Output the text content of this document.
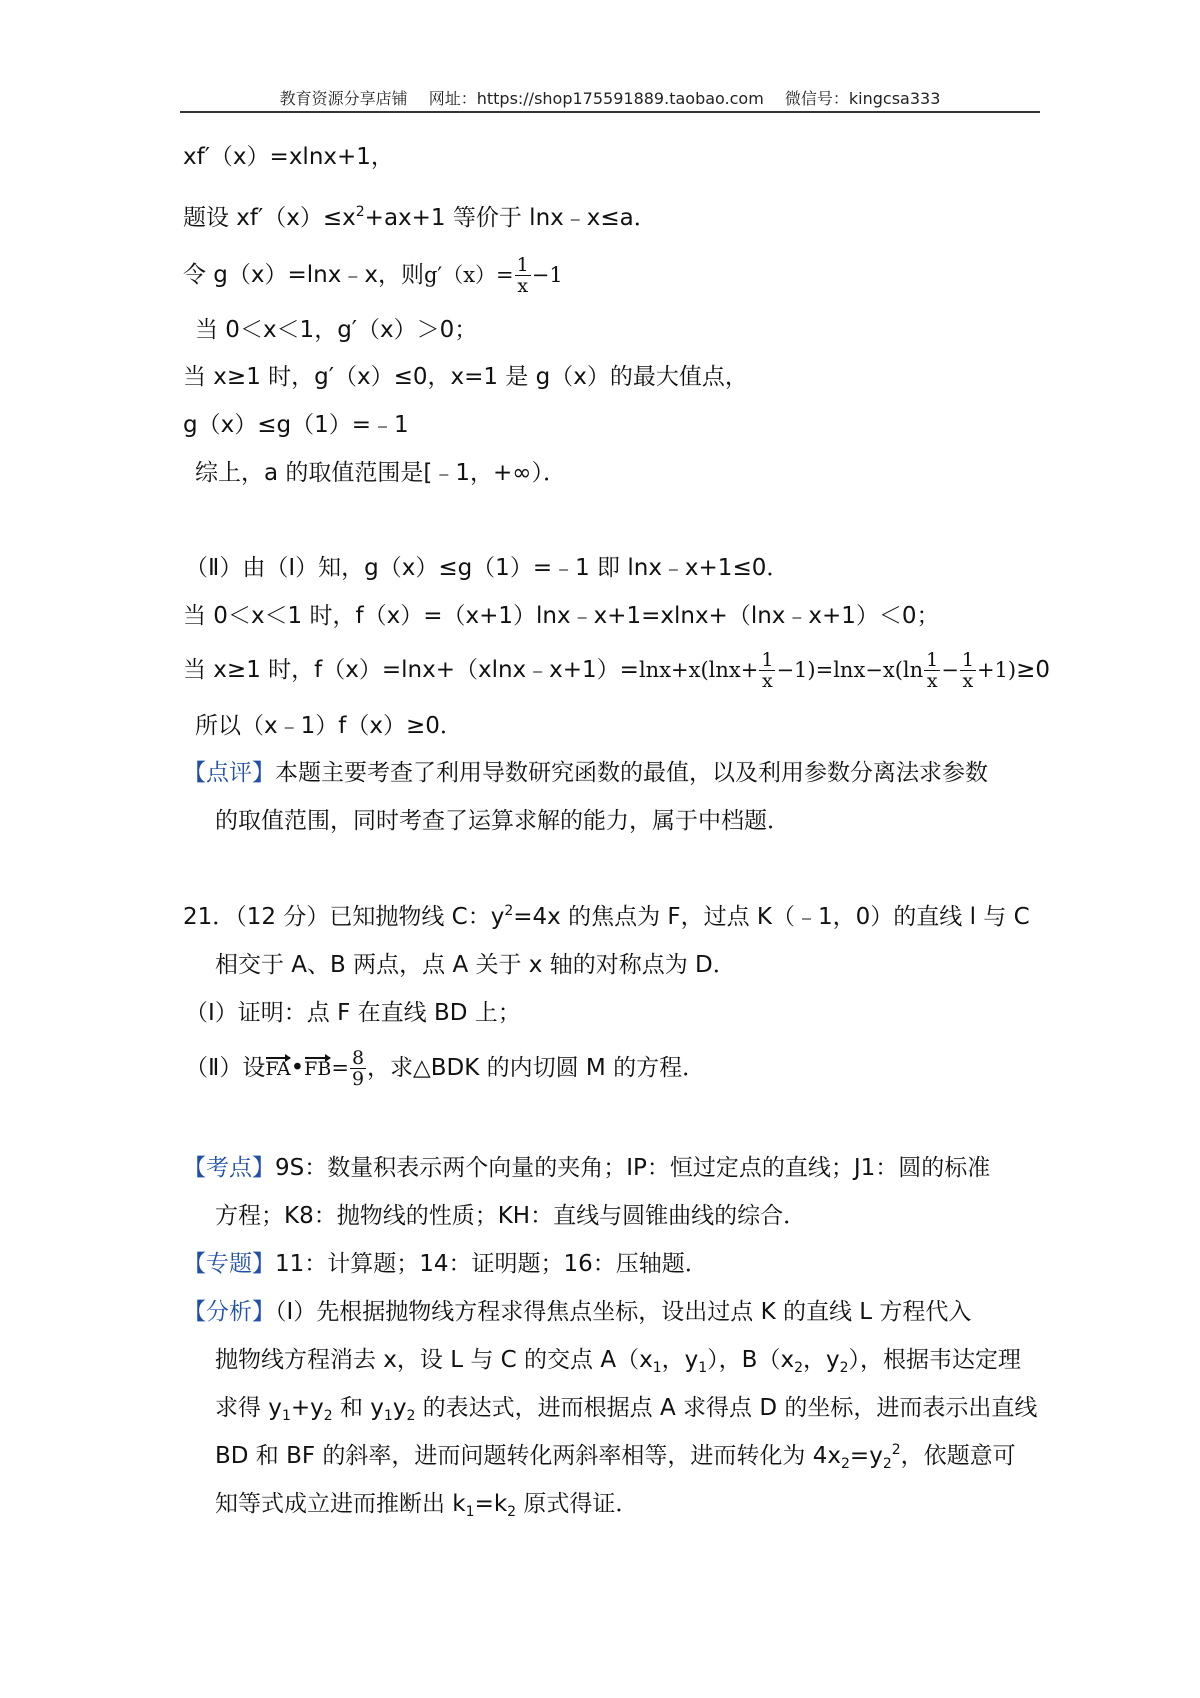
教育资源分享店铺 网址：https://shop175591889.taobao.com 微信号：kingcsa333
xf′（x）=xlnx+1，
题设 $xf'(x)\le x^2+ax+1$ 等价于 lnx﹣x≤a．
令 g（x）=lnx﹣x，则$g'(x)= \frac{1}{x} -1$
当 0＜x＜1，g′（x）＞0；
当 x≥1 时，g′（x）≤0，x=1 是 g（x）的最大值点，
g（x）≤g（1）=﹣1
综上，a 的取值范围是[﹣1，+∞）．
（Ⅱ）由（Ⅰ）知，g（x）≤g（1）=﹣1 即 lnx﹣x+1≤0．
当 0＜x＜1 时，f（x）=（x+1）lnx﹣x+1=xlnx+（lnx﹣x+1）＜0；
当 x≥1 时，f（x）=lnx+（xlnx﹣x+1）=lnx+x(lnx+ $\frac{1}{x} -1)=\ln x-x(\ln \frac{1}{x} - \frac{1}{x} +1)\ge 0$
所以（x﹣1）f（x）≥0．
【点评】本题主要考查了利用导数研究函数的最值，以及利用参数分离法求参数
的取值范围，同时考查了运算求解的能力，属于中档题．
21．（12 分）已知抛物线 C：$y^2=4x$ 的焦点为 F，过点 K（﹣1，0）的直线 l 与 C
相交于 A、B 两点，点 A 关于 x 轴的对称点为 D．
（Ⅰ）证明：点 F 在直线 BD 上；
（Ⅱ）设FA•FB= $\frac{8}{9}$ ，求△BDK 的内切圆 M 的方程．
【考点】9S：数量积表示两个向量的夹角；IP：恒过定点的直线；J1：圆的标准
方程；K8：抛物线的性质；KH：直线与圆锥曲线的综合．
【专题】11：计算题；14：证明题；16：压轴题．
【分析】（Ⅰ）先根据抛物线方程求得焦点坐标，设出过点 K 的直线 L 方程代入
抛物线方程消去 x，设 L 与 C 的交点 $A(x_1$，$y_1$），$B(x_2$，$y_2$），根据韦达定理
求得 $y_1+y_2$ 和 $y_1y_2$ 的表达式，进而根据点 A 求得点 D 的坐标，进而表示出直线
BD 和 BF 的斜率，进而问题转化两斜率相等，进而转化为 $4x_2=y_2^2$，依题意可
知等式成立进而推断出 $k_1=k_2$ 原式得证．
